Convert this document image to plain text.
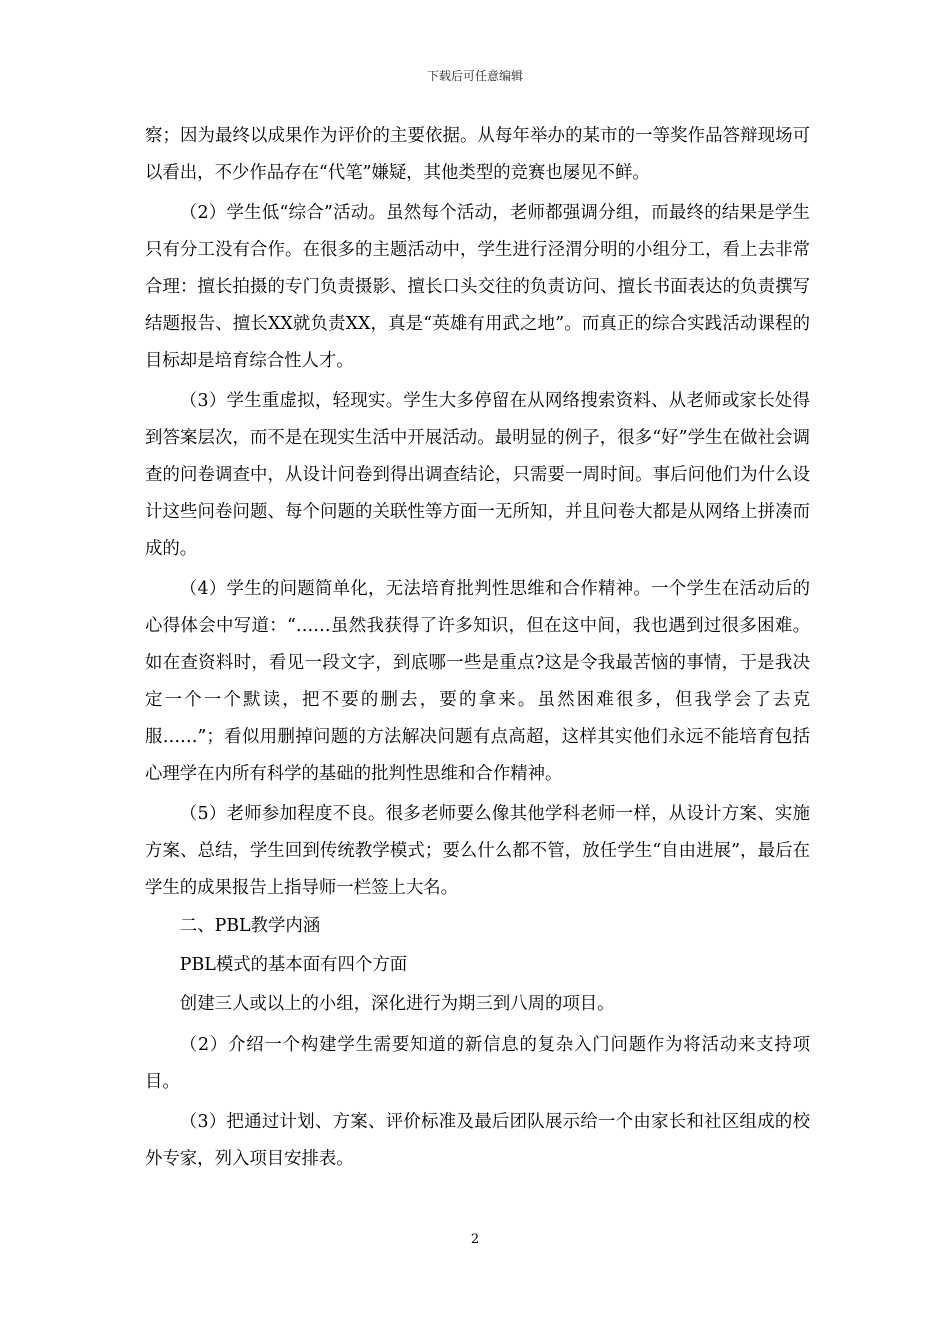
下载后可任意编辑

察；因为最终以成果作为评价的主要依据。从每年举办的某市的一等奖作品答辩现场可以看出，不少作品存在“代笔”嫌疑，其他类型的竞赛也屡见不鲜。

（2）学生低“综合”活动。虽然每个活动，老师都强调分组，而最终的结果是学生只有分工没有合作。在很多的主题活动中，学生进行泾渭分明的小组分工，看上去非常合理：擅长拍摄的专门负责摄影、擅长口头交往的负责访问、擅长书面表达的负责撰写结题报告、擅长XX就负责XX，真是“英雄有用武之地”。而真正的综合实践活动课程的目标却是培育综合性人才。

（3）学生重虚拟，轻现实。学生大多停留在从网络搜索资料、从老师或家长处得到答案层次，而不是在现实生活中开展活动。最明显的例子，很多“好”学生在做社会调查的问卷调查中，从设计问卷到得出调查结论，只需要一周时间。事后问他们为什么设计这些问卷问题、每个问题的关联性等方面一无所知，并且问卷大都是从网络上拼凑而成的。

（4）学生的问题简单化，无法培育批判性思维和合作精神。一个学生在活动后的心得体会中写道：“……虽然我获得了许多知识，但在这中间，我也遇到过很多困难。如在查资料时，看见一段文字，到底哪一些是重点?这是令我最苦恼的事情，于是我决定一个一个默读，把不要的删去，要的拿来。虽然困难很多，但我学会了去克服……”；看似用删掉问题的方法解决问题有点高超，这样其实他们永远不能培育包括心理学在内所有科学的基础的批判性思维和合作精神。

（5）老师参加程度不良。很多老师要么像其他学科老师一样，从设计方案、实施方案、总结，学生回到传统教学模式；要么什么都不管，放任学生“自由进展”，最后在学生的成果报告上指导师一栏签上大名。

二、PBL教学内涵

PBL模式的基本面有四个方面

创建三人或以上的小组，深化进行为期三到八周的项目。

（2）介绍一个构建学生需要知道的新信息的复杂入门问题作为将活动来支持项目。

（3）把通过计划、方案、评价标准及最后团队展示给一个由家长和社区组成的校外专家，列入项目安排表。

2
